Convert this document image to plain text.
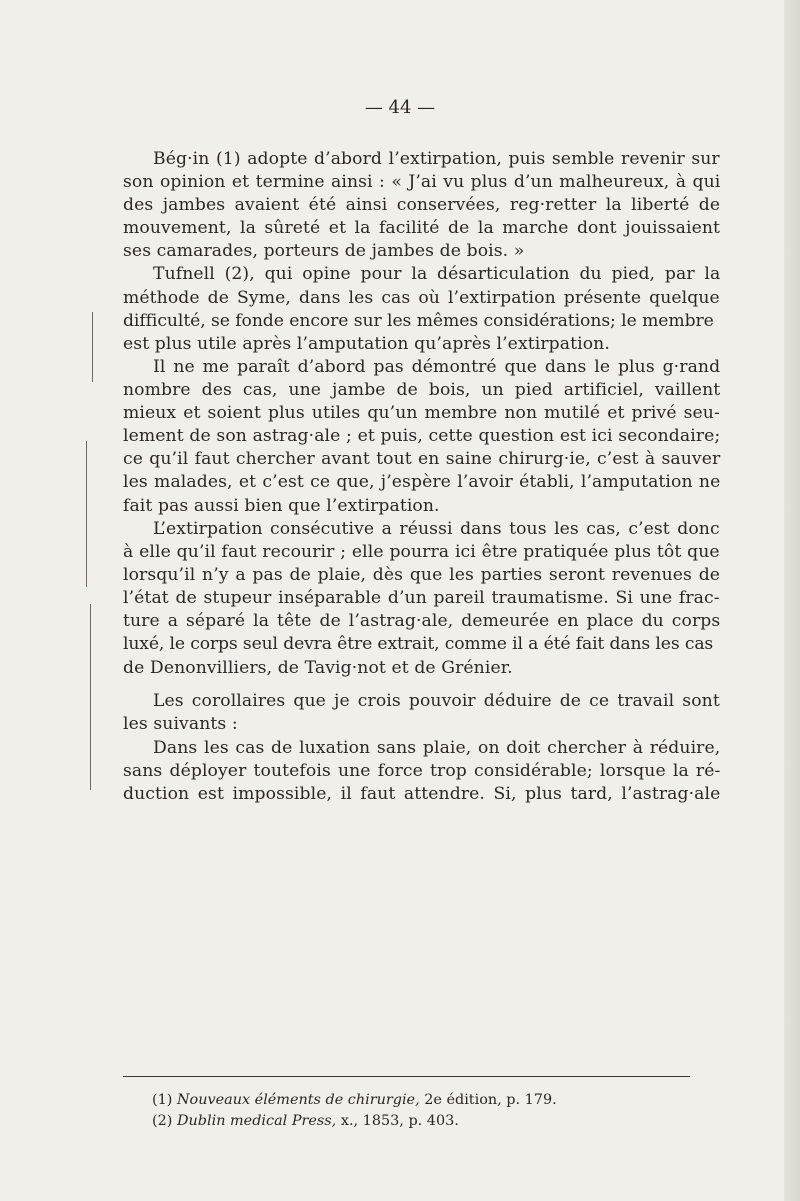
— 44 —
Bég·in (1) adopte d’abord l’extirpation, puis semble revenir sur
son opinion et termine ainsi : « J’ai vu plus d’un malheureux, à qui
des jambes avaient été ainsi conservées, reg·retter la liberté de
mouvement, la sûreté et la facilité de la marche dont jouissaient
ses camarades, porteurs de jambes de bois. »
Tufnell (2), qui opine pour la désarticulation du pied, par la
méthode de Syme, dans les cas où l’extirpation présente quelque
difficulté, se fonde encore sur les mêmes considérations; le membre
est plus utile après l’amputation qu’après l’extirpation.
Il ne me paraît d’abord pas démontré que dans le plus g·rand
nombre des cas, une jambe de bois, un pied artificiel, vaillent
mieux et soient plus utiles qu’un membre non mutilé et privé seu-
lement de son astrag·ale ; et puis, cette question est ici secondaire;
ce qu’il faut chercher avant tout en saine chirurg·ie, c’est à sauver
les malades, et c’est ce que, j’espère l’avoir établi, l’amputation ne
fait pas aussi bien que l’extirpation.
L’extirpation consécutive a réussi dans tous les cas, c’est donc
à elle qu’il faut recourir ; elle pourra ici être pratiquée plus tôt que
lorsqu’il n’y a pas de plaie, dès que les parties seront revenues de
l’état de stupeur inséparable d’un pareil traumatisme. Si une frac-
ture a séparé la tête de l’astrag·ale, demeurée en place du corps
luxé, le corps seul devra être extrait, comme il a été fait dans les cas
de Denonvilliers, de Tavig·not et de Grénier.
Les corollaires que je crois pouvoir déduire de ce travail sont
les suivants :
Dans les cas de luxation sans plaie, on doit chercher à réduire,
sans déployer toutefois une force trop considérable; lorsque la ré-
duction est impossible, il faut attendre. Si, plus tard, l’astrag·ale
(1) Nouveaux éléments de chirurgie, 2e édition, p. 179.
(2) Dublin medical Press, x., 1853, p. 403.
